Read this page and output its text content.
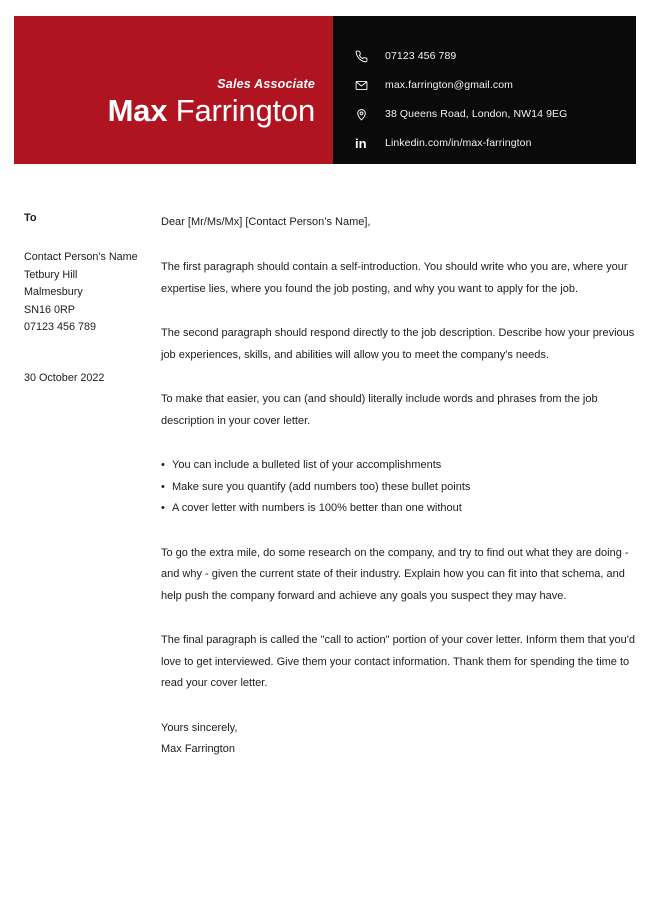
Sales Associate
Max Farrington
07123 456 789
max.farrington@gmail.com
38 Queens Road, London, NW14 9EG
in	Linkedin.com/in/max-farrington
To
Contact Person's Name
Tetbury Hill
Malmesbury
SN16 0RP
07123 456 789
30 October 2022
Dear [Mr/Ms/Mx] [Contact Person’s Name],

The first paragraph should contain a self-introduction. You should write who you are, where your expertise lies, where you found the job posting, and why you want to apply for the job.

The second paragraph should respond directly to the job description. Describe how your previous job experiences, skills, and abilities will allow you to meet the company's needs.

To make that easier, you can (and should) literally include words and phrases from the job description in your cover letter.

• You can include a bulleted list of your accomplishments
• Make sure you quantify (add numbers too) these bullet points
• A cover letter with numbers is 100% better than one without

To go the extra mile, do some research on the company, and try to find out what they are doing - and why - given the current state of their industry. Explain how you can fit into that schema, and help push the company forward and achieve any goals you suspect they may have.

The final paragraph is called the "call to action" portion of your cover letter. Inform them that you'd love to get interviewed. Give them your contact information. Thank them for spending the time to read your cover letter.

Yours sincerely,
Max Farrington
